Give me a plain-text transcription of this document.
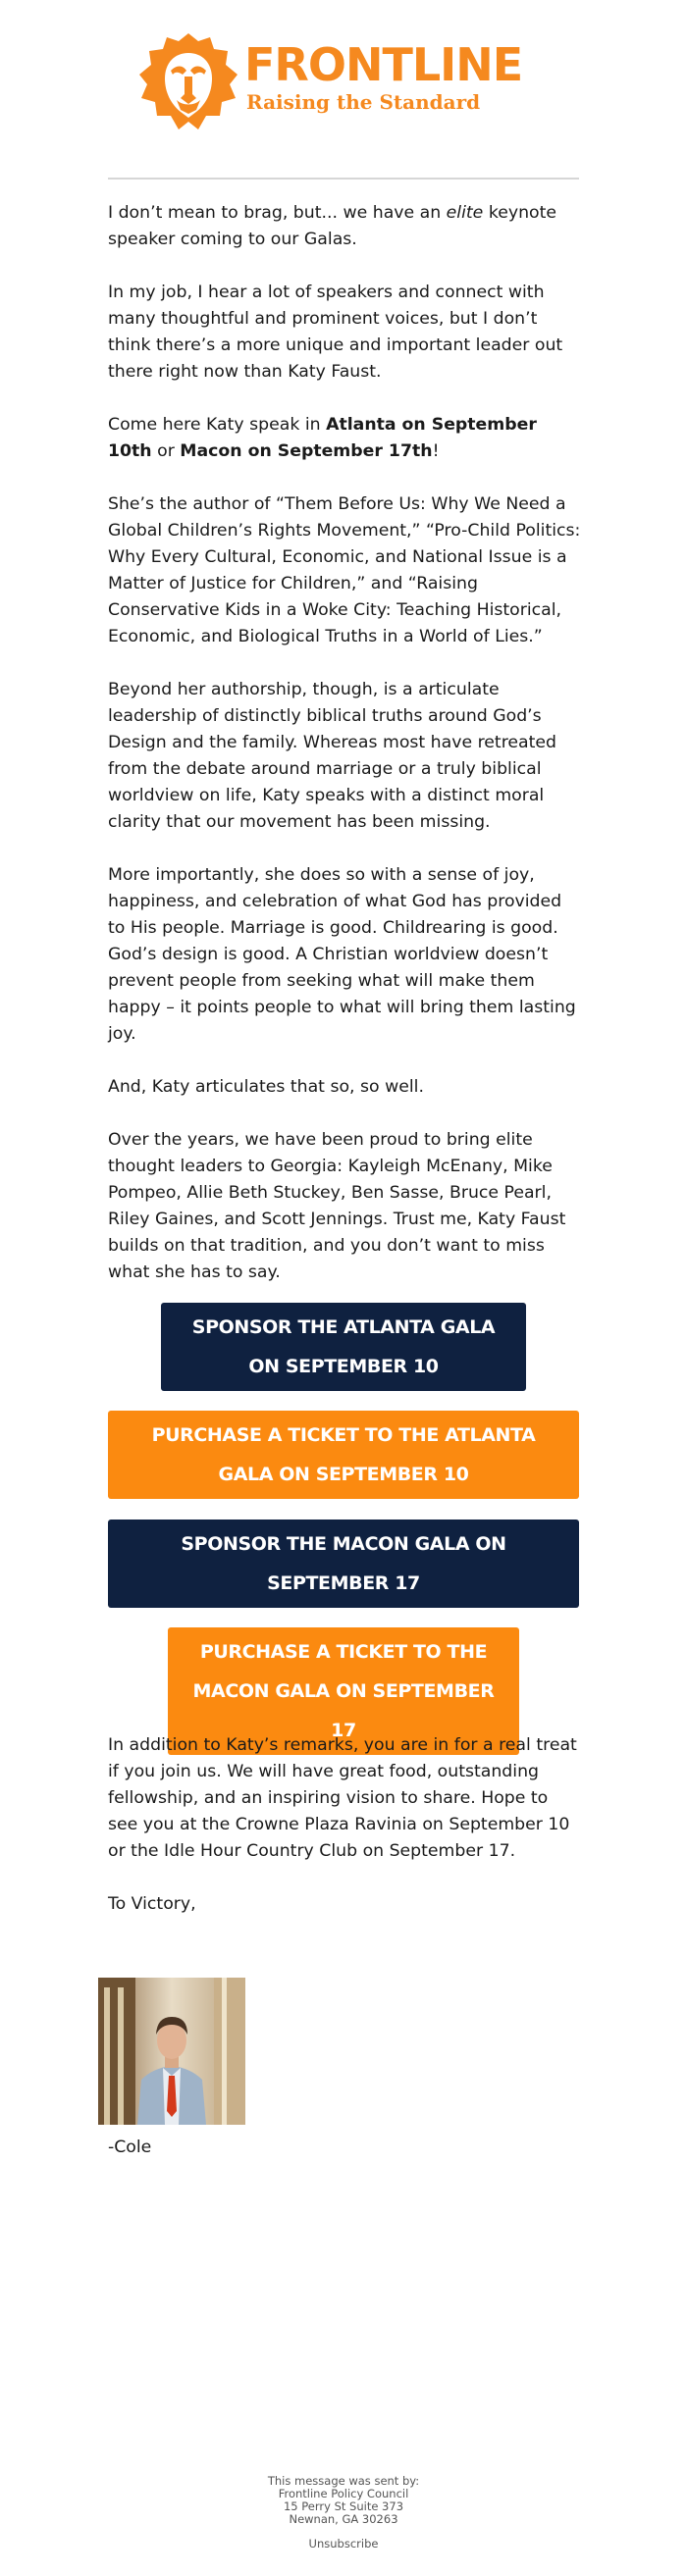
FRONTLINE
Raising the Standard

I don’t mean to brag, but... we have an elite keynote speaker coming to our Galas.

In my job, I hear a lot of speakers and connect with many thoughtful and prominent voices, but I don’t think there’s a more unique and important leader out there right now than Katy Faust.

Come here Katy speak in Atlanta on September 10th or Macon on September 17th!

She’s the author of “Them Before Us: Why We Need a Global Children’s Rights Movement,” “Pro-Child Politics: Why Every Cultural, Economic, and National Issue is a Matter of Justice for Children,” and “Raising Conservative Kids in a Woke City: Teaching Historical, Economic, and Biological Truths in a World of Lies.”

Beyond her authorship, though, is a articulate leadership of distinctly biblical truths around God’s Design and the family. Whereas most have retreated from the debate around marriage or a truly biblical worldview on life, Katy speaks with a distinct moral clarity that our movement has been missing.

More importantly, she does so with a sense of joy, happiness, and celebration of what God has provided to His people. Marriage is good. Childrearing is good. God’s design is good. A Christian worldview doesn’t prevent people from seeking what will make them happy – it points people to what will bring them lasting joy.

And, Katy articulates that so, so well.

Over the years, we have been proud to bring elite thought leaders to Georgia: Kayleigh McEnany, Mike Pompeo, Allie Beth Stuckey, Ben Sasse, Bruce Pearl, Riley Gaines, and Scott Jennings. Trust me, Katy Faust builds on that tradition, and you don’t want to miss what she has to say.

SPONSOR THE ATLANTA GALA ON SEPTEMBER 10
PURCHASE A TICKET TO THE ATLANTA GALA ON SEPTEMBER 10
SPONSOR THE MACON GALA ON SEPTEMBER 17
PURCHASE A TICKET TO THE MACON GALA ON SEPTEMBER 17

In addition to Katy’s remarks, you are in for a real treat if you join us. We will have great food, outstanding fellowship, and an inspiring vision to share. Hope to see you at the Crowne Plaza Ravinia on September 10 or the Idle Hour Country Club on September 17.

To Victory,

-Cole
This message was sent by:
Frontline Policy Council
15 Perry St Suite 373
Newnan, GA 30263
Unsubscribe
